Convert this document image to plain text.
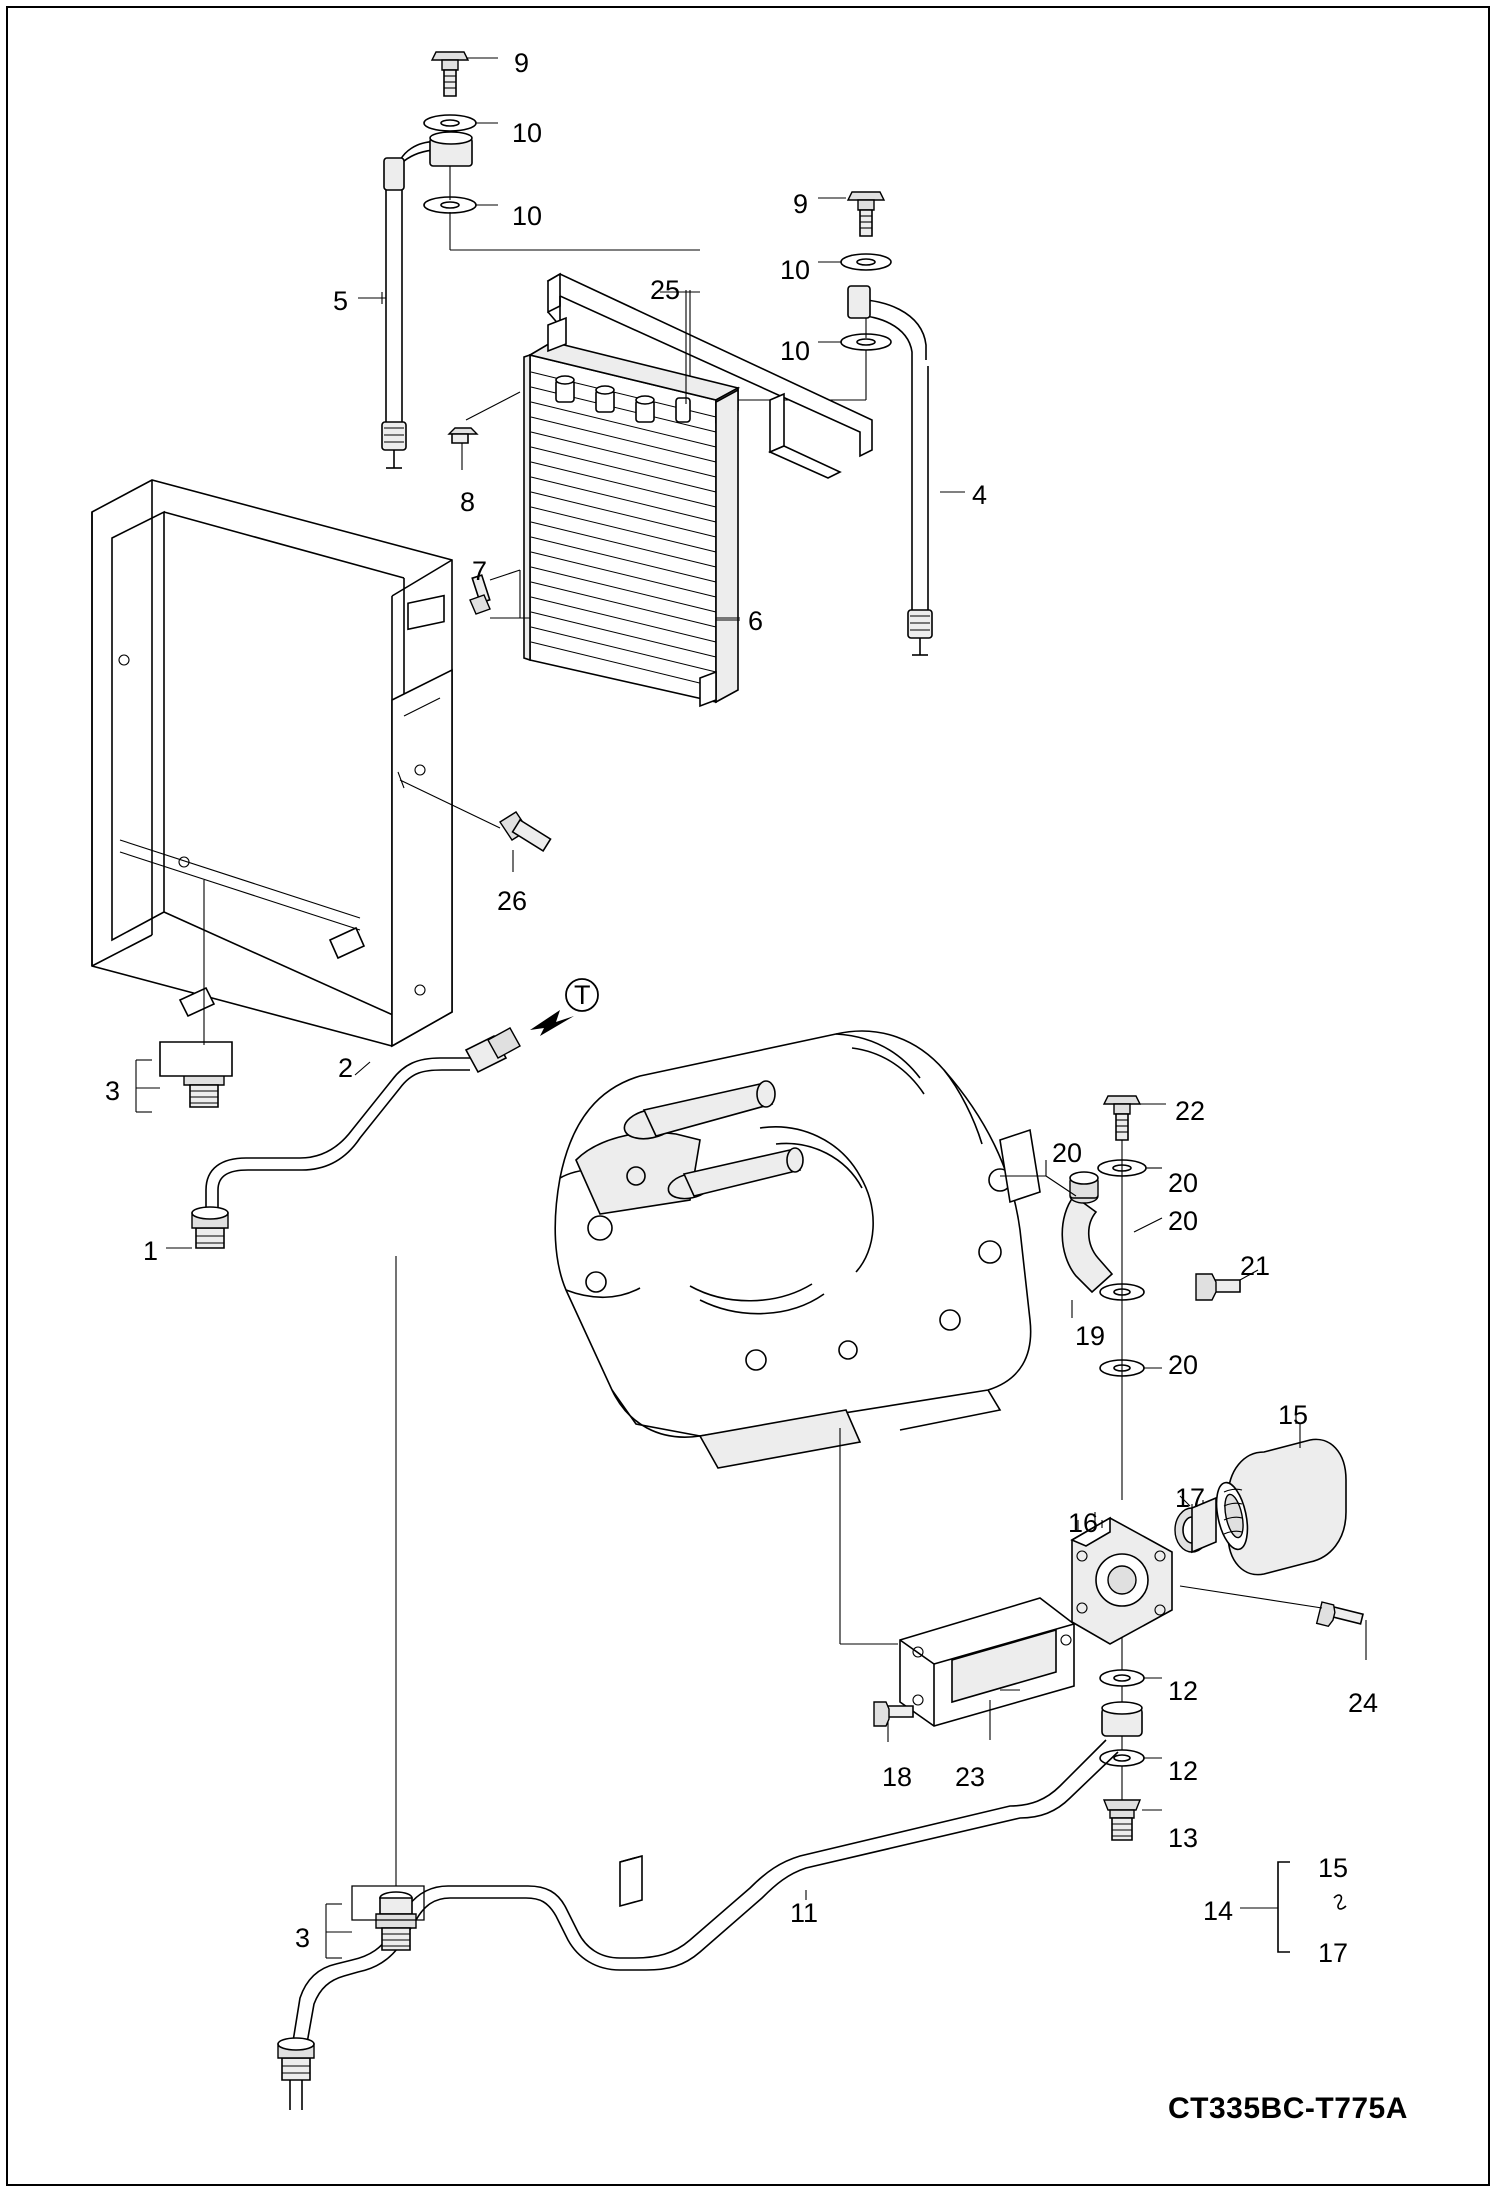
9
10
10	9
10
10
5	25
4
8
7
6
26
T
3
2
1
22
20
20
20
21
19
20
15
17
16
12	24
18 23	12
13
15
14
17
11
3
CT335BC-T775A
